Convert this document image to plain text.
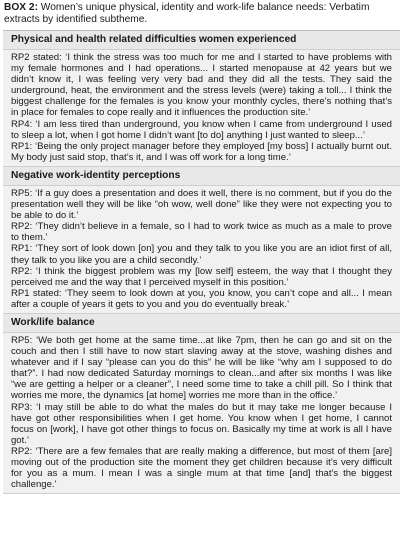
BOX 2: Women’s unique physical, identity and work-life balance needs: Verbatim extracts by identified subtheme.
Physical and health related difficulties women experienced

RP2 stated: ‘I think the stress was too much for me and I started to have problems with my female hormones and I had operations... I started menopause at 42 years but we didn’t know it, I was feeling very very bad and they did all the tests. They said the underground, heat, the environment and the stress levels (were) taking a toll... I think the biggest challenge for the females is you know your monthly cycles, there’s nothing that’s in place for females to cope really and it influences the production site.’

RP4: ‘I am less tired than underground, you know when I came from underground I used to sleep a lot, when I got home I didn’t want [to do] anything I just wanted to sleep...’

RP1: ‘Being the only project manager before they employed [my boss] I actually burnt out. My body just said stop, that’s it, and I was off work for a long time.’

Negative work-identity perceptions

RP5: ‘If a guy does a presentation and does it well, there is no comment, but if you do the presentation well they will be like “oh wow, well done” like they were not expecting you to be able to do it.’

RP2: ‘They didn’t believe in a female, so I had to work twice as much as a male to prove to them.’

RP1: ‘They sort of look down [on] you and they talk to you like you are an idiot first of all, they talk to you like you are a child secondly.’

RP2: ‘I think the biggest problem was my [low self] esteem, the way that I thought they perceived me and the way that I perceived myself in this position.’

RP1 stated: ‘They seem to look down at you, you know, you can’t cope and all... I mean after a couple of years it gets to you and you do eventually break.’

Work/life balance

RP5: ‘We both get home at the same time...at like 7pm, then he can go and sit on the couch and then I still have to now start slaving away at the stove, washing dishes and whatever and if I say “please can you do this” he will be like “why am I supposed to do that?”. I had now dedicated Saturday mornings to clean...and after six months I was like “we are getting a helper or a cleaner”, I need some time to take a chill pill. So I think that worries me more, the dynamics [at home] worries me more than in the office.’

RP3: ‘I may still be able to do what the males do but it may take me longer because I have got other responsibilities when I get home. You know when I get home, I cannot focus on [work], I have got other things to focus on. Basically my time at work is all I have got.’

RP2: ‘There are a few females that are really making a difference, but most of them [are] moving out of the production site the moment they get children because it’s very difficult for you as a mum. I mean I was a single mum at that time [and] that’s the biggest challenge.’
